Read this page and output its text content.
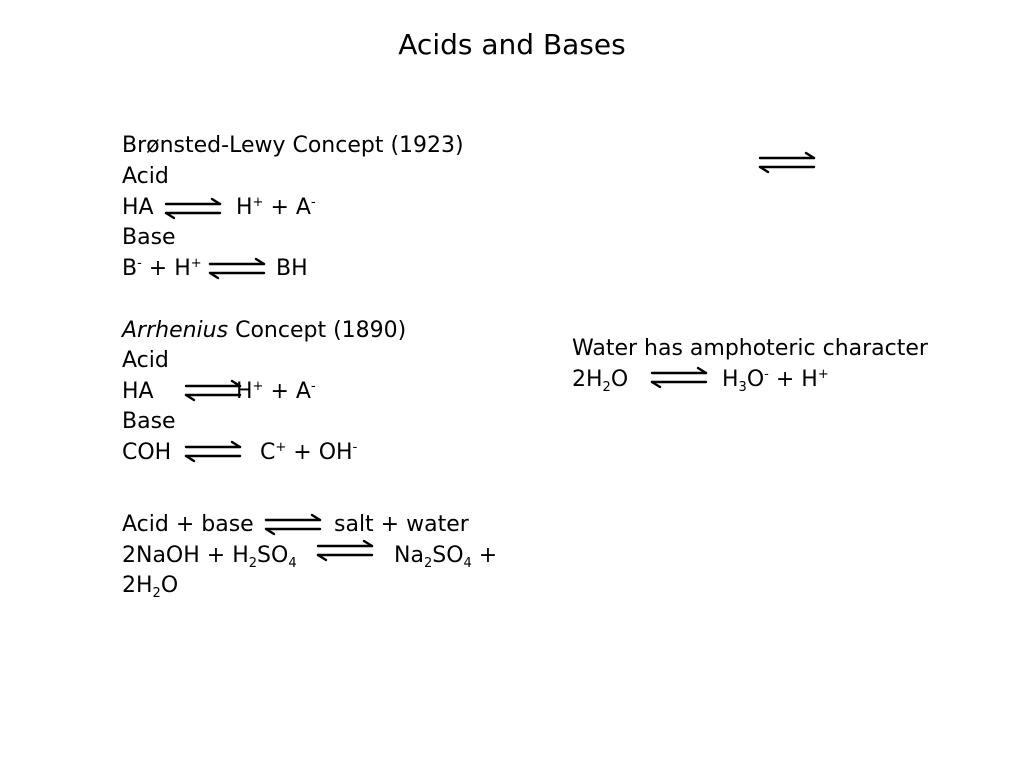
Acids and Bases
Brønsted-Lewy Concept (1923)
Acid
HA ⇌ H+ + A-
Base
B- + H+ ⇌ BH
Arrhenius Concept (1890)
Acid
HA	H+ + A-
Base
COH ⇌ C+ + OH-
Acid + base ⇌ salt + water
2NaOH + $H_2SO_4$ ⇌ $Na_2SO_4$ +
$2H_2O$
Water has amphoteric character
$2H_2O$ ⇌ $H_3O^- + H^+$
